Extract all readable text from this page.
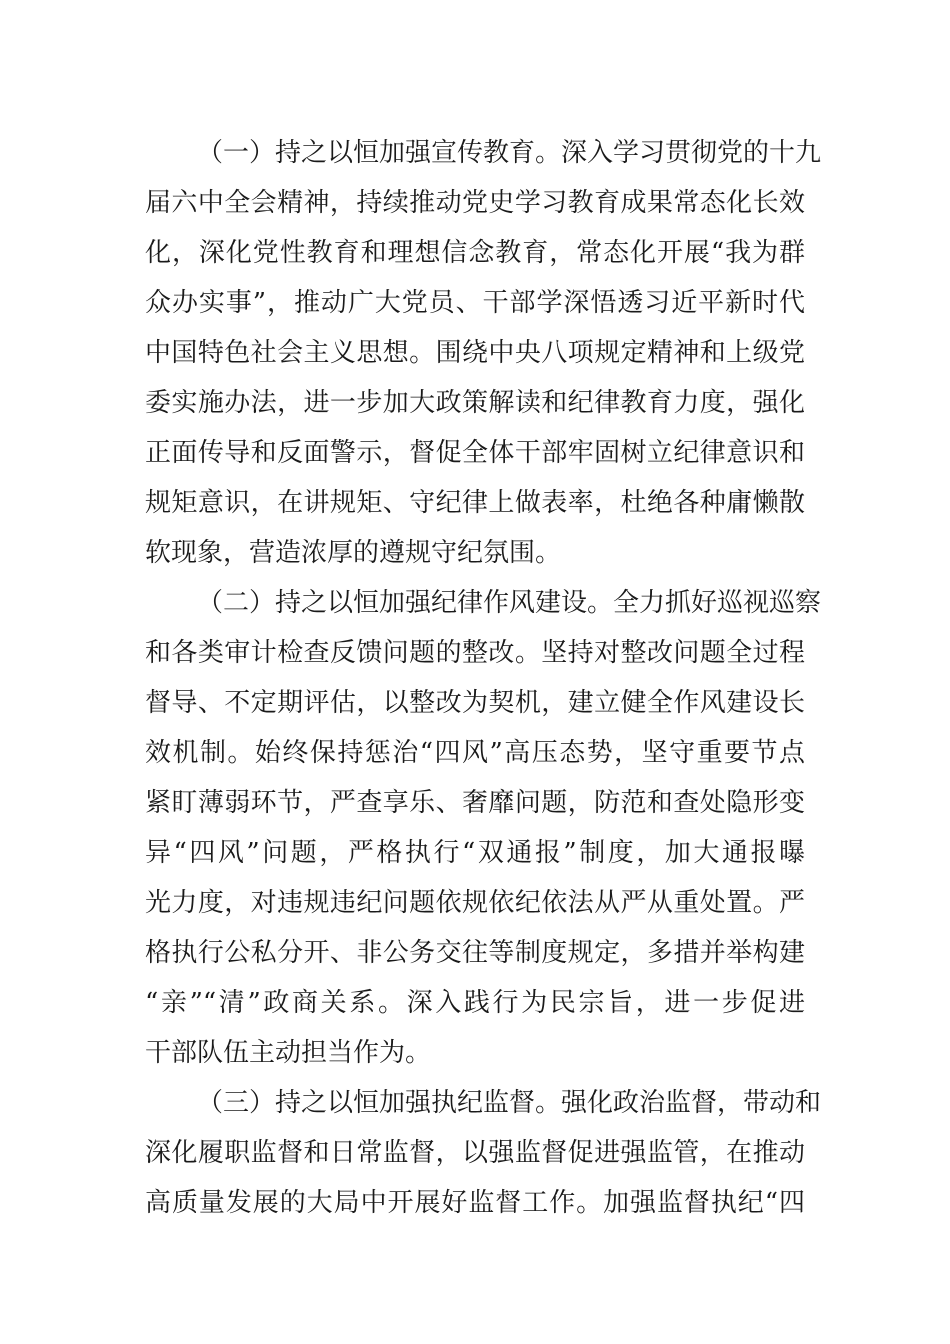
（一）持之以恒加强宣传教育。深入学习贯彻党的十九
届六中全会精神，持续推动党史学习教育成果常态化长效
化，深化党性教育和理想信念教育，常态化开展“我为群
众办实事”，推动广大党员、干部学深悟透习近平新时代
中国特色社会主义思想。围绕中央八项规定精神和上级党
委实施办法，进一步加大政策解读和纪律教育力度，强化
正面传导和反面警示，督促全体干部牢固树立纪律意识和
规矩意识，在讲规矩、守纪律上做表率，杜绝各种庸懒散
软现象，营造浓厚的遵规守纪氛围。
（二）持之以恒加强纪律作风建设。全力抓好巡视巡察
和各类审计检查反馈问题的整改。坚持对整改问题全过程
督导、不定期评估，以整改为契机，建立健全作风建设长
效机制。始终保持惩治“四风”高压态势，坚守重要节点
紧盯薄弱环节，严查享乐、奢靡问题，防范和查处隐形变
异“四风”问题，严格执行“双通报”制度，加大通报曝
光力度，对违规违纪问题依规依纪依法从严从重处置。严
格执行公私分开、非公务交往等制度规定，多措并举构建
“亲”“清”政商关系。深入践行为民宗旨，进一步促进
干部队伍主动担当作为。
（三）持之以恒加强执纪监督。强化政治监督，带动和
深化履职监督和日常监督，以强监督促进强监管，在推动
高质量发展的大局中开展好监督工作。加强监督执纪“四
